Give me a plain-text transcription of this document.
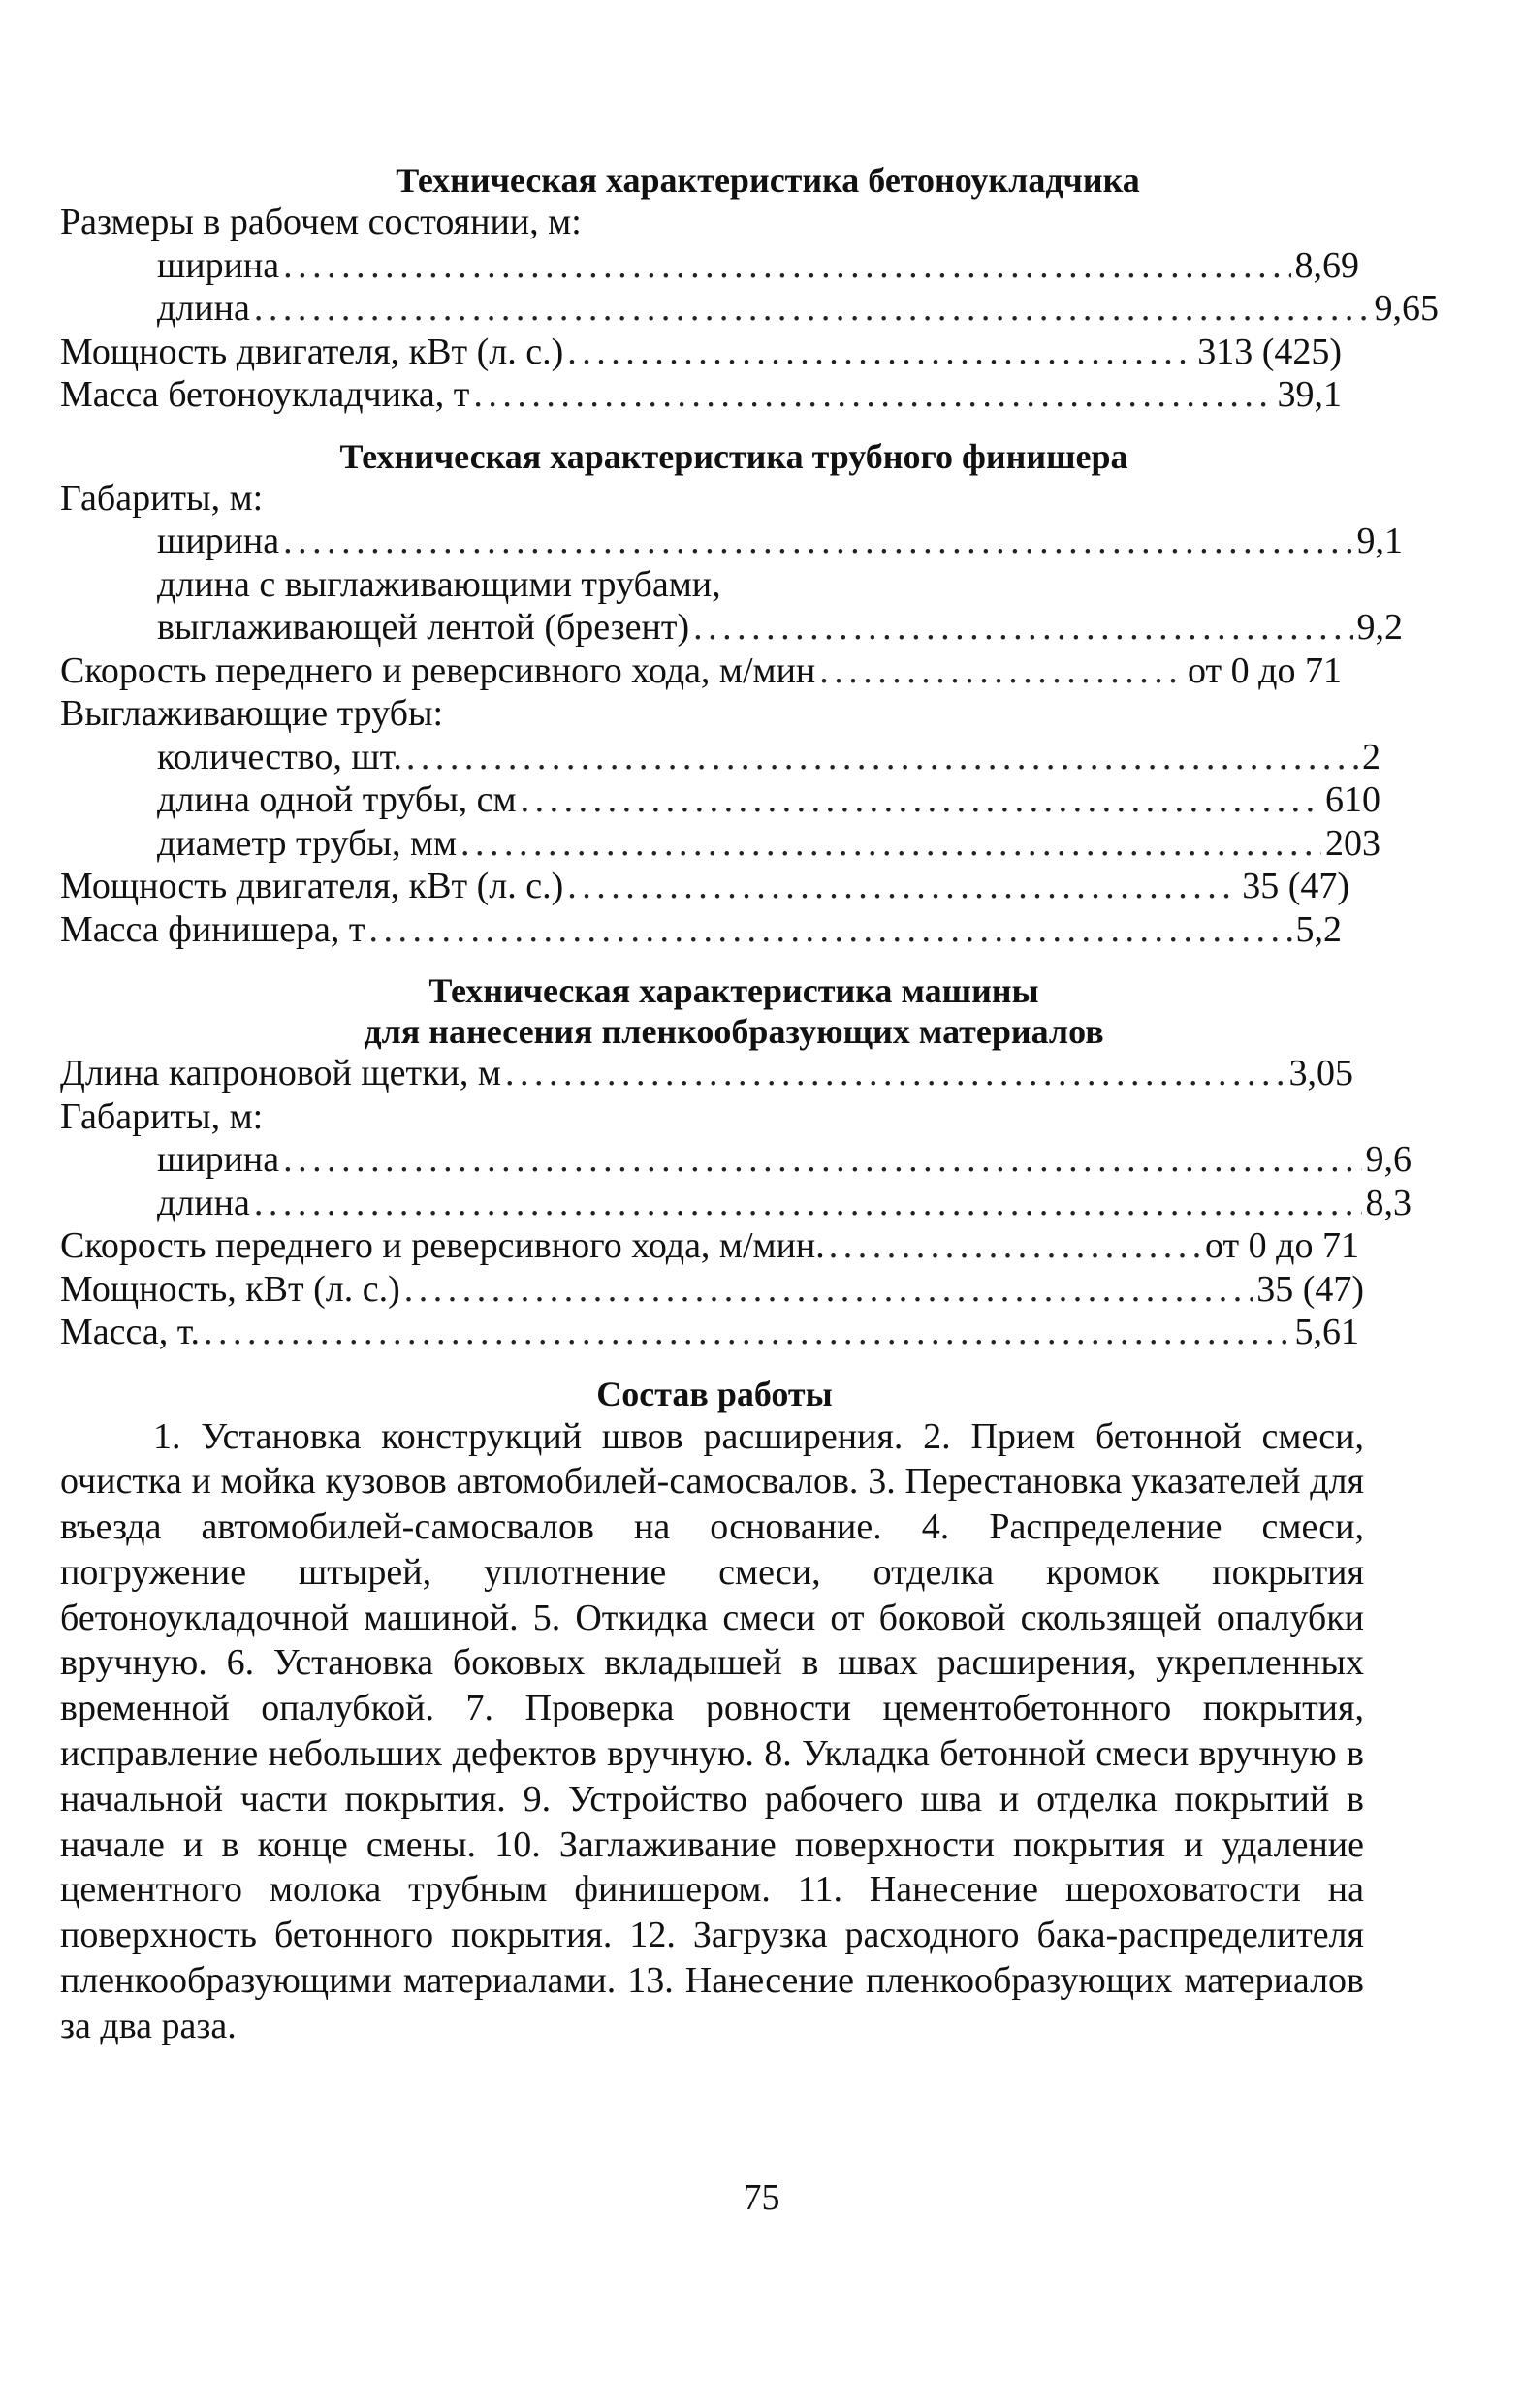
Техническая характеристика бетоноукладчика
Размеры в рабочем состоянии, м:
ширина . . .	8,69
длина . . .	9,65
Мощность двигателя, кВт (л. с.) . . .	313 (425)
Масса бетоноукладчика, т . . .	39,1
Техническая характеристика трубного финишера
Габариты, м:
ширина . . .	9,1
длина с выглаживающими трубами,
выглаживающей лентой (брезент) . . .	9,2
Скорость переднего и реверсивного хода, м/мин . . .	от 0 до 71
Выглаживающие трубы:
количество, шт. . . .	2
длина одной трубы, см . . .	610
диаметр трубы, мм . . .	203
Мощность двигателя, кВт (л. с.) . . .	35 (47)
Масса финишера, т . . .	5,2
Техническая характеристика машины
для нанесения пленкообразующих материалов
Длина капроновой щетки, м . . .	3,05
Габариты, м:
ширина . . .	9,6
длина . . .	8,3
Скорость переднего и реверсивного хода, м/мин. . . .	от 0 до 71
Мощность, кВт (л. с.) . . .	35 (47)
Масса, т. . . .	5,61
Состав работы
1. Установка конструкций швов расширения. 2. Прием бетонной смеси, очистка и мойка кузовов автомобилей-самосвалов. 3. Перестановка указателей для въезда автомобилей-самосвалов на основание. 4. Распределение смеси, погружение штырей, уплотнение смеси, отделка кромок покрытия бетоноукладочной машиной. 5. Откидка смеси от боковой скользящей опалубки вручную. 6. Установка боковых вкладышей в швах расширения, укрепленных временной опалубкой. 7. Проверка ровности цементобетонного покрытия, исправление небольших дефектов вручную. 8. Укладка бетонной смеси вручную в начальной части покрытия. 9. Устройство рабочего шва и отделка покрытий в начале и в конце смены. 10. Заглаживание поверхности покрытия и удаление цементного молока трубным финишером. 11. Нанесение шероховатости на поверхность бетонного покрытия. 12. Загрузка расходного бака-распределителя пленкообразующими материалами. 13. Нанесение пленкообразующих материалов за два раза.
75
